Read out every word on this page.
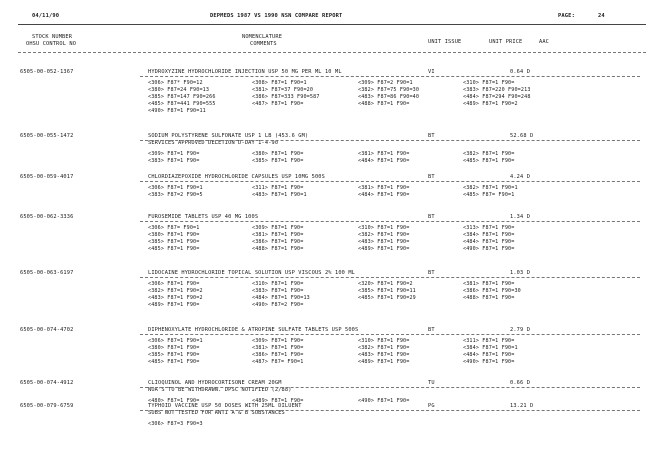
04/11/90	DEPMEDS 1987 VS 1990 NSN COMPARE REPORT	PAGE:	24
STOCK NUMBER
OHSU CONTROL NO
NOMENCLATURE
COMMENTS	UNIT ISSUE	UNIT PRICE	AAC
6505-00-052-1367	HYDROXYZINE HYDROCHLORIDE INJECTION USP 50 MG PER ML 10 ML	VI	0.64 D
<306> F87* F90=12	<308> F87=1 F90=1	<309> F87=2 F90=1	<310> F87=1 F90=
<380> F87=24 F90=13	<381> F87=37 F90=20	<382> F87=75 F90=30	<383> F87=220 F90=213
<385> F87=147 F90=266	<386> F87=333 F90=587	<483> F87=86 F90=40	<484> F87=294 F90=248
<485> F87=441 F90=555	<487> F87=1 F90=	<488> F87=1 F90=	<489> F87=1 F90=2
<490> F87=1 F90=11
6505-00-055-1472	SODIUM POLYSTYRENE SULFONATE USP 1 LB (453.6 GM)
SERVICES APPROVED DELETION D-DAY 1-4-90
BT	52.68 D
<309> F87=1 F90=	<380> F87=1 F90=	<381> F87=1 F90=	<382> F87=1 F90=
<383> F87=1 F90=	<385> F87=1 F90=	<484> F87=1 F90=	<485> F87=1 F90=
6505-00-059-4017	CHLORDIAZEPOXIDE HYDROCHLORIDE CAPSULES USP 10MG 500S	BT	4.24 D
<306> F87=1 F90=1	<311> F87=1 F90=	<381> F87=1 F90=	<382> F87=1 F90=1
<383> F87=2 F90=5	<483> F87=1 F90=1	<484> F87=1 F90=	<485> F87= F90=1
6505-00-062-3336	FUROSEMIDE TABLETS USP 40 MG 100S	BT	1.34 D
<306> F87= F90=1	<309> F87=1 F90=	<310> F87=1 F90=	<313> F87=1 F90=
<380> F87=1 F90=	<381> F87=1 F90=	<382> F87=1 F90=	<384> F87=1 F90=
<385> F87=1 F90=	<386> F87=1 F90=	<483> F87=1 F90=	<484> F87=1 F90=
<485> F87=1 F90=	<488> F87=1 F90=	<489> F87=1 F90=	<490> F87=1 F90=
6505-00-063-6197	LIDOCAINE HYDROCHLORIDE TOPICAL SOLUTION USP VISCOUS 2% 100 ML	BT	1.03 D
<306> F87=1 F90=	<310> F87=1 F90=	<320> F87=1 F90=2	<381> F87=1 F90=
<382> F87=1 F90=2	<383> F87=1 F90=	<385> F87=1 F90=11	<386> F87=1 F90=30
<483> F87=1 F90=2	<484> F87=1 F90=13	<485> F87=1 F90=29	<488> F87=1 F90=
<489> F87=1 F90=	<490> F87=2 F90=
6505-00-074-4702	DIPHENOXYLATE HYDROCHLORIDE & ATROPINE SULFATE TABLETS USP 500S	BT	2.79 D
<306> F87=1 F90=1	<309> F87=1 F90=	<310> F87=1 F90=	<311> F87=1 F90=
<380> F87=1 F90=	<381> F87=1 F90=	<382> F87=1 F90=	<384> F87=1 F90=1
<385> F87=1 F90=	<386> F87=1 F90=	<483> F87=1 F90=	<484> F87=1 F90=
<485> F87=1 F90=	<487> F87= F90=1	<489> F87=1 F90=	<490> F87=1 F90=
6505-00-074-4912	CLIOQUINOL AND HYDROCORTISONE CREAM 20GM
NOA'S TO BE WITHDRAWN. DPSC NOTIFIED (2/88)
TU	0.66 D
<480> F87=1 F90=	<489> F87=1 F90=	<490> F87=1 F90=
6505-00-079-6759	TYPHOID VACCINE USP 50 DOSES WITH 25ML DILUENT
SUBS NOT TESTED FOR ANTI A & B SUBSTANCES
PG	13.21 D
<306> F87=3 F90=3
